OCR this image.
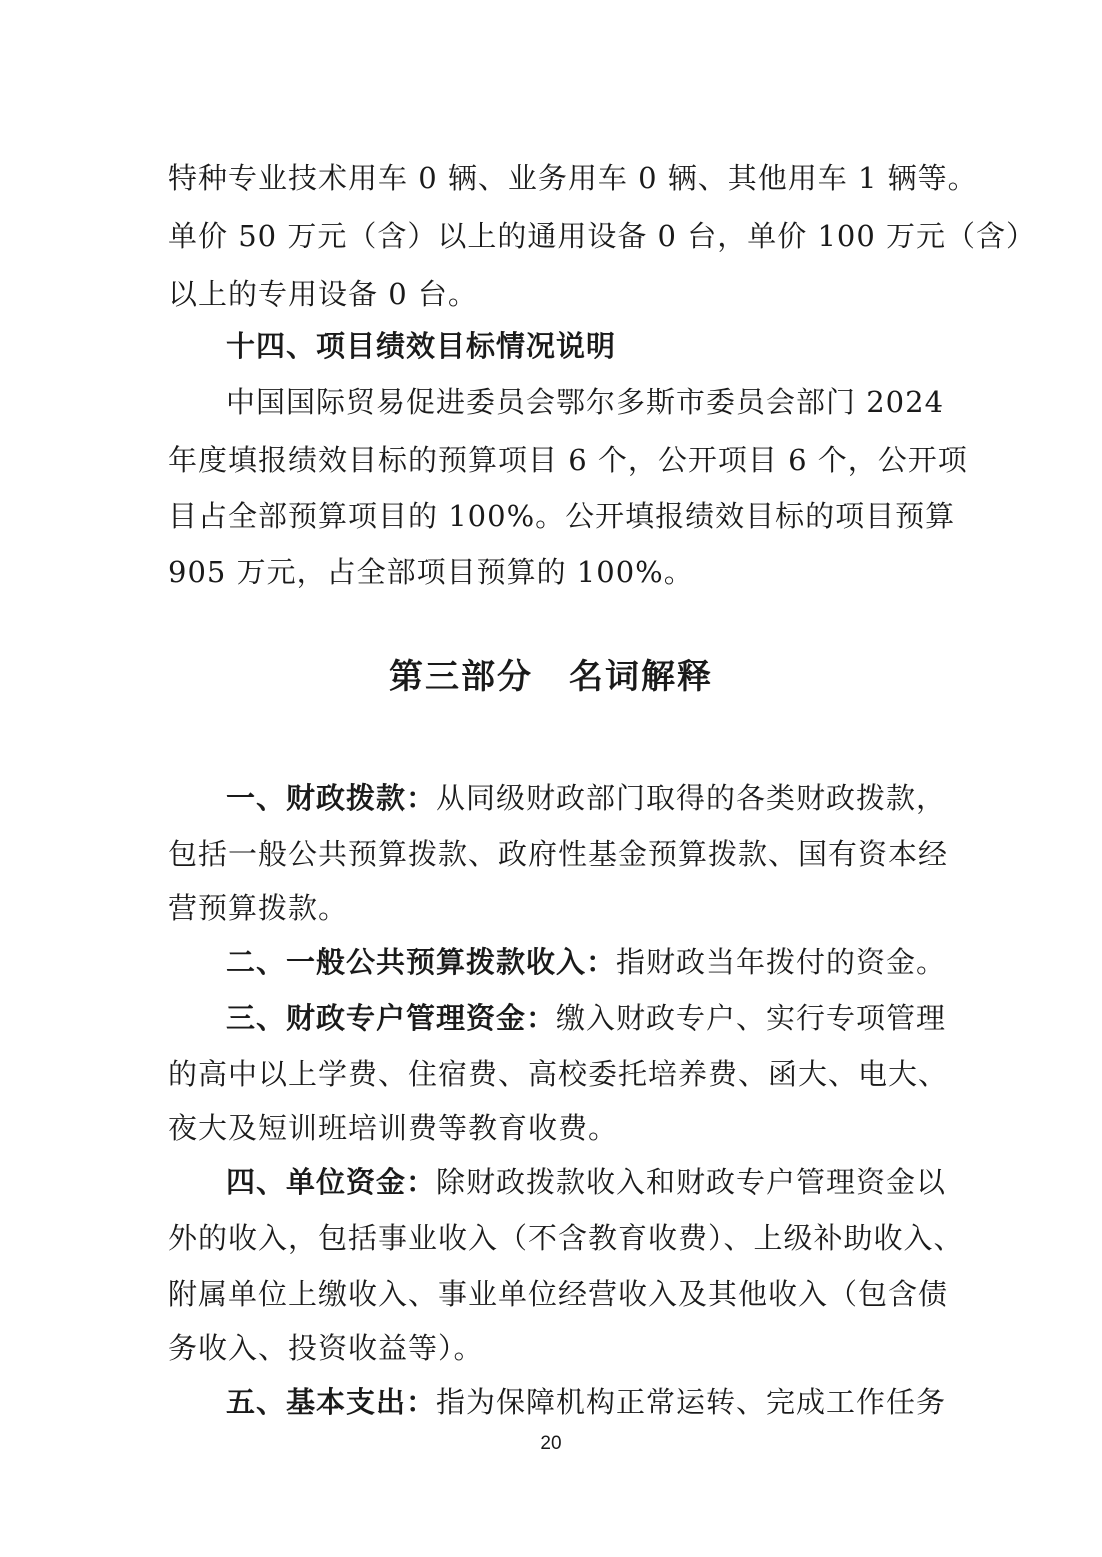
特种专业技术用车 0 辆、业务用车 0 辆、其他用车 1 辆等。
单价 50 万元（含）以上的通用设备 0 台，单价 100 万元（含）
以上的专用设备 0 台。
十四、项目绩效目标情况说明
中国国际贸易促进委员会鄂尔多斯市委员会部门 2024
年度填报绩效目标的预算项目 6 个，公开项目 6 个，公开项
目占全部预算项目的 100%。公开填报绩效目标的项目预算
905 万元，占全部项目预算的 100%。
第三部分　名词解释
一、财政拨款：从同级财政部门取得的各类财政拨款，
包括一般公共预算拨款、政府性基金预算拨款、国有资本经
营预算拨款。
二、一般公共预算拨款收入：指财政当年拨付的资金。
三、财政专户管理资金：缴入财政专户、实行专项管理
的高中以上学费、住宿费、高校委托培养费、函大、电大、
夜大及短训班培训费等教育收费。
四、单位资金：除财政拨款收入和财政专户管理资金以
外的收入，包括事业收入（不含教育收费）、上级补助收入、
附属单位上缴收入、事业单位经营收入及其他收入（包含债
务收入、投资收益等）。
五、基本支出：指为保障机构正常运转、完成工作任务
20
